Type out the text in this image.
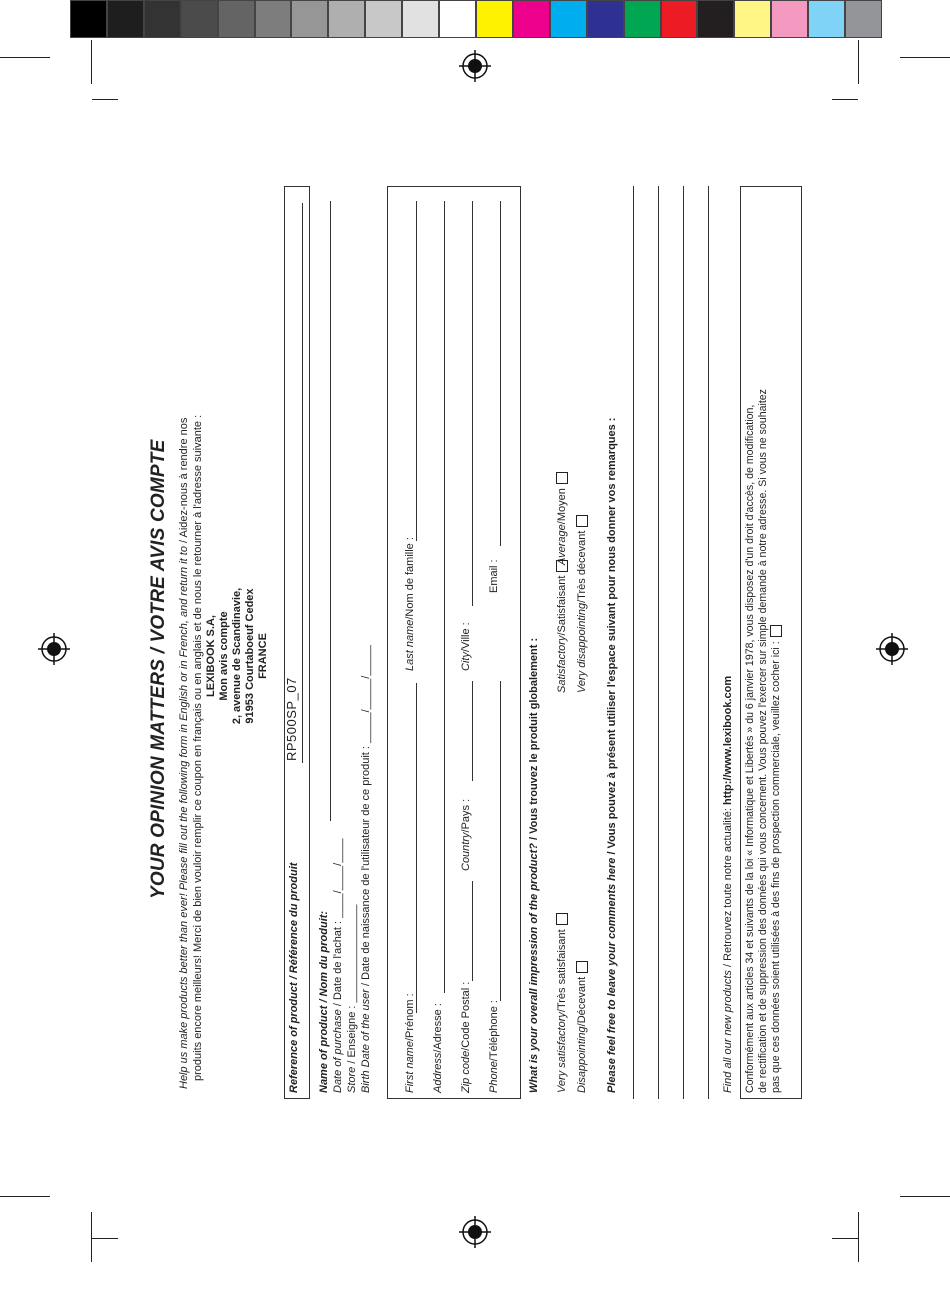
YOUR OPINION MATTERS / VOTRE AVIS COMPTE Help us make products better than ever! Please fill out the following form in English or in French, and return it to / Aidez-nous à rendre nos produits encore meilleurs! Merci de bien vouloir remplir ce coupon en français ou en anglais et de nous le retourner à l'adresse suivante : LEXIBOOK S.A, Mon avis compte 2, avenue de Scandinavie, 91953 Courtaboeuf Cedex FRANCE
Reference of product / Référence du produit
RP500SP_07
Name of product / Nom du produit: Date of purchase / Date de l'achat : ____/____/____
Store / Enseigne : ________________ Birth Date of the user / Date de naissance de l'utilisateur de ce produit : _____/_____/_____
First name/Prénom :
Last name/Nom de famille :
Address/Adresse :
Zip code/Code Postal :
Country/Pays :
City/Ville :
Phone/Téléphone :
Email :
What is your overall impression of the product? / Vous trouvez le produit globalement :
Very satisfactory/Très satisfaisant
Satisfactory/Satisfaisant
Average/Moyen
Disappointing/Décevant
Very disappointing/Très décevant
Please feel free to leave your comments here / Vous pouvez à présent utiliser l'espace suivant pour nous donner vos remarques :
Find all our new products / Retrouvez toute notre actualité: http://www.lexibook.com Conformément aux articles 34 et suivants de la loi « Informatique et Libertés » du 6 janvier 1978, vous disposez d'un droit d'accès, de modification, de rectification et de suppression des données qui vous concernent. Vous pouvez l'exercer sur simple demande à notre adresse. Si vous ne souhaitez pas que ces données soient utilisées à des fins de prospection commerciale, veuillez cocher ici :
